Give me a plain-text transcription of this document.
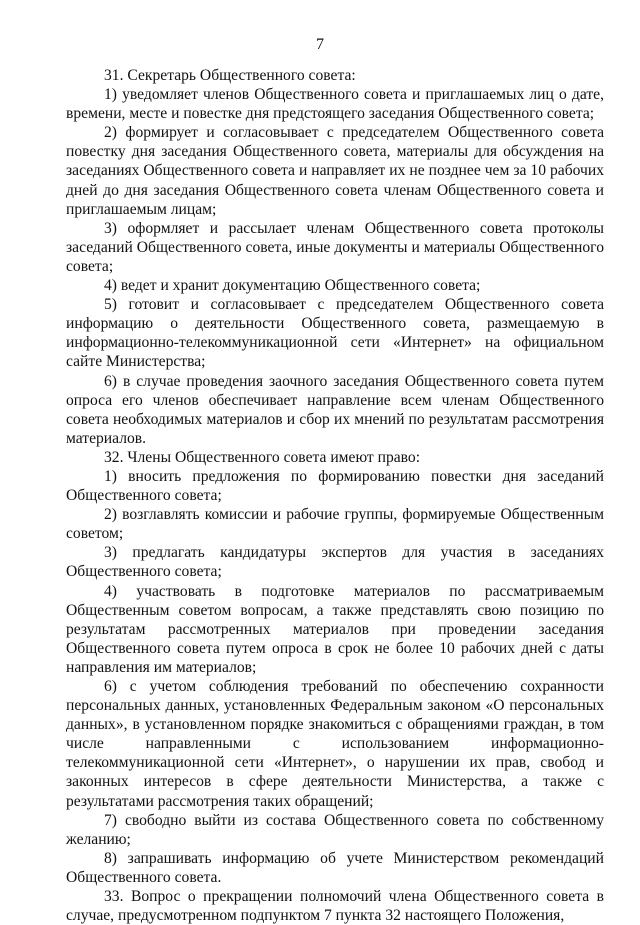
7

31. Секретарь Общественного совета:

1) уведомляет членов Общественного совета и приглашаемых лиц о дате, времени, месте и повестке дня предстоящего заседания Общественного совета;

2) формирует и согласовывает с председателем Общественного совета повестку дня заседания Общественного совета, материалы для обсуждения на заседаниях Общественного совета и направляет их не позднее чем за 10 рабочих дней до дня заседания Общественного совета членам Общественного совета и приглашаемым лицам;

3) оформляет и рассылает членам Общественного совета протоколы заседаний Общественного совета, иные документы и материалы Общественного совета;

4) ведет и хранит документацию Общественного совета;

5) готовит и согласовывает с председателем Общественного совета информацию о деятельности Общественного совета, размещаемую в информационно-телекоммуникационной сети «Интернет» на официальном сайте Министерства;

6) в случае проведения заочного заседания Общественного совета путем опроса его членов обеспечивает направление всем членам Общественного совета необходимых материалов и сбор их мнений по результатам рассмотрения материалов.

32. Члены Общественного совета имеют право:

1) вносить предложения по формированию повестки дня заседаний Общественного совета;

2) возглавлять комиссии и рабочие группы, формируемые Общественным советом;

3) предлагать кандидатуры экспертов для участия в заседаниях Общественного совета;

4) участвовать в подготовке материалов по рассматриваемым Общественным советом вопросам, а также представлять свою позицию по результатам рассмотренных материалов при проведении заседания Общественного совета путем опроса в срок не более 10 рабочих дней с даты направления им материалов;

6) с учетом соблюдения требований по обеспечению сохранности персональных данных, установленных Федеральным законом «О персональных данных», в установленном порядке знакомиться с обращениями граждан, в том числе направленными с использованием информационно-телекоммуникационной сети «Интернет», о нарушении их прав, свобод и законных интересов в сфере деятельности Министерства, а также с результатами рассмотрения таких обращений;

7) свободно выйти из состава Общественного совета по собственному желанию;

8) запрашивать информацию об учете Министерством рекомендаций Общественного совета.

33. Вопрос о прекращении полномочий члена Общественного совета в случае, предусмотренном подпунктом 7 пункта 32 настоящего Положения,
